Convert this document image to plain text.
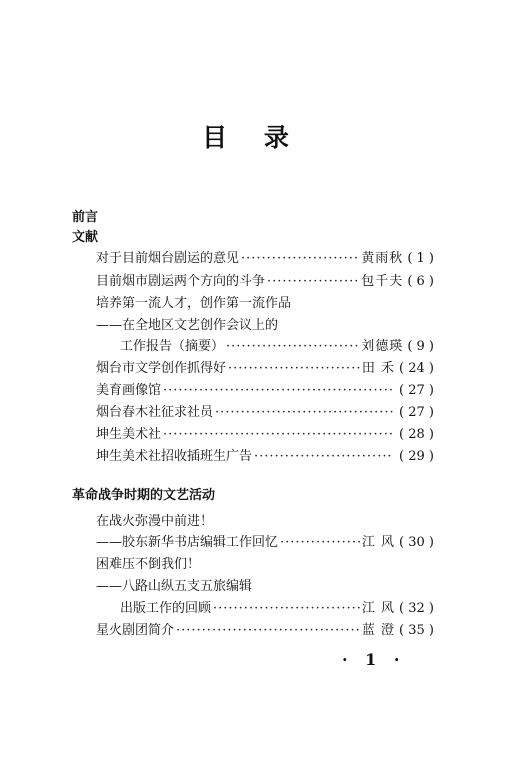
目 录
前言
文献
对于目前烟台剧运的意见 ·····	黄雨秋 ( 1 )
目前烟市剧运两个方向的斗争 ·····	包千夫 ( 6 )
培养第一流人才，创作第一流作品
——在全地区文艺创作会议上的
工作报告（摘要） ·····	刘德瑛 ( 9 )
烟台市文学创作抓得好 ·····	田 禾 ( 24 )
美育画像馆 ·····	( 27 )
烟台春木社征求社员 ·····	( 27 )
坤生美术社 ·····	( 28 )
坤生美术社招收插班生广告 ·····	( 29 )
革命战争时期的文艺活动
在战火弥漫中前进！
——胶东新华书店编辑工作回忆 ·····	江 风 ( 30 )
困难压不倒我们！
——八路山纵五支五旅编辑
出版工作的回顾 ·····	江 风 ( 32 )
星火剧团简介 ·····	蓝 澄 ( 35 )
· 1 ·
